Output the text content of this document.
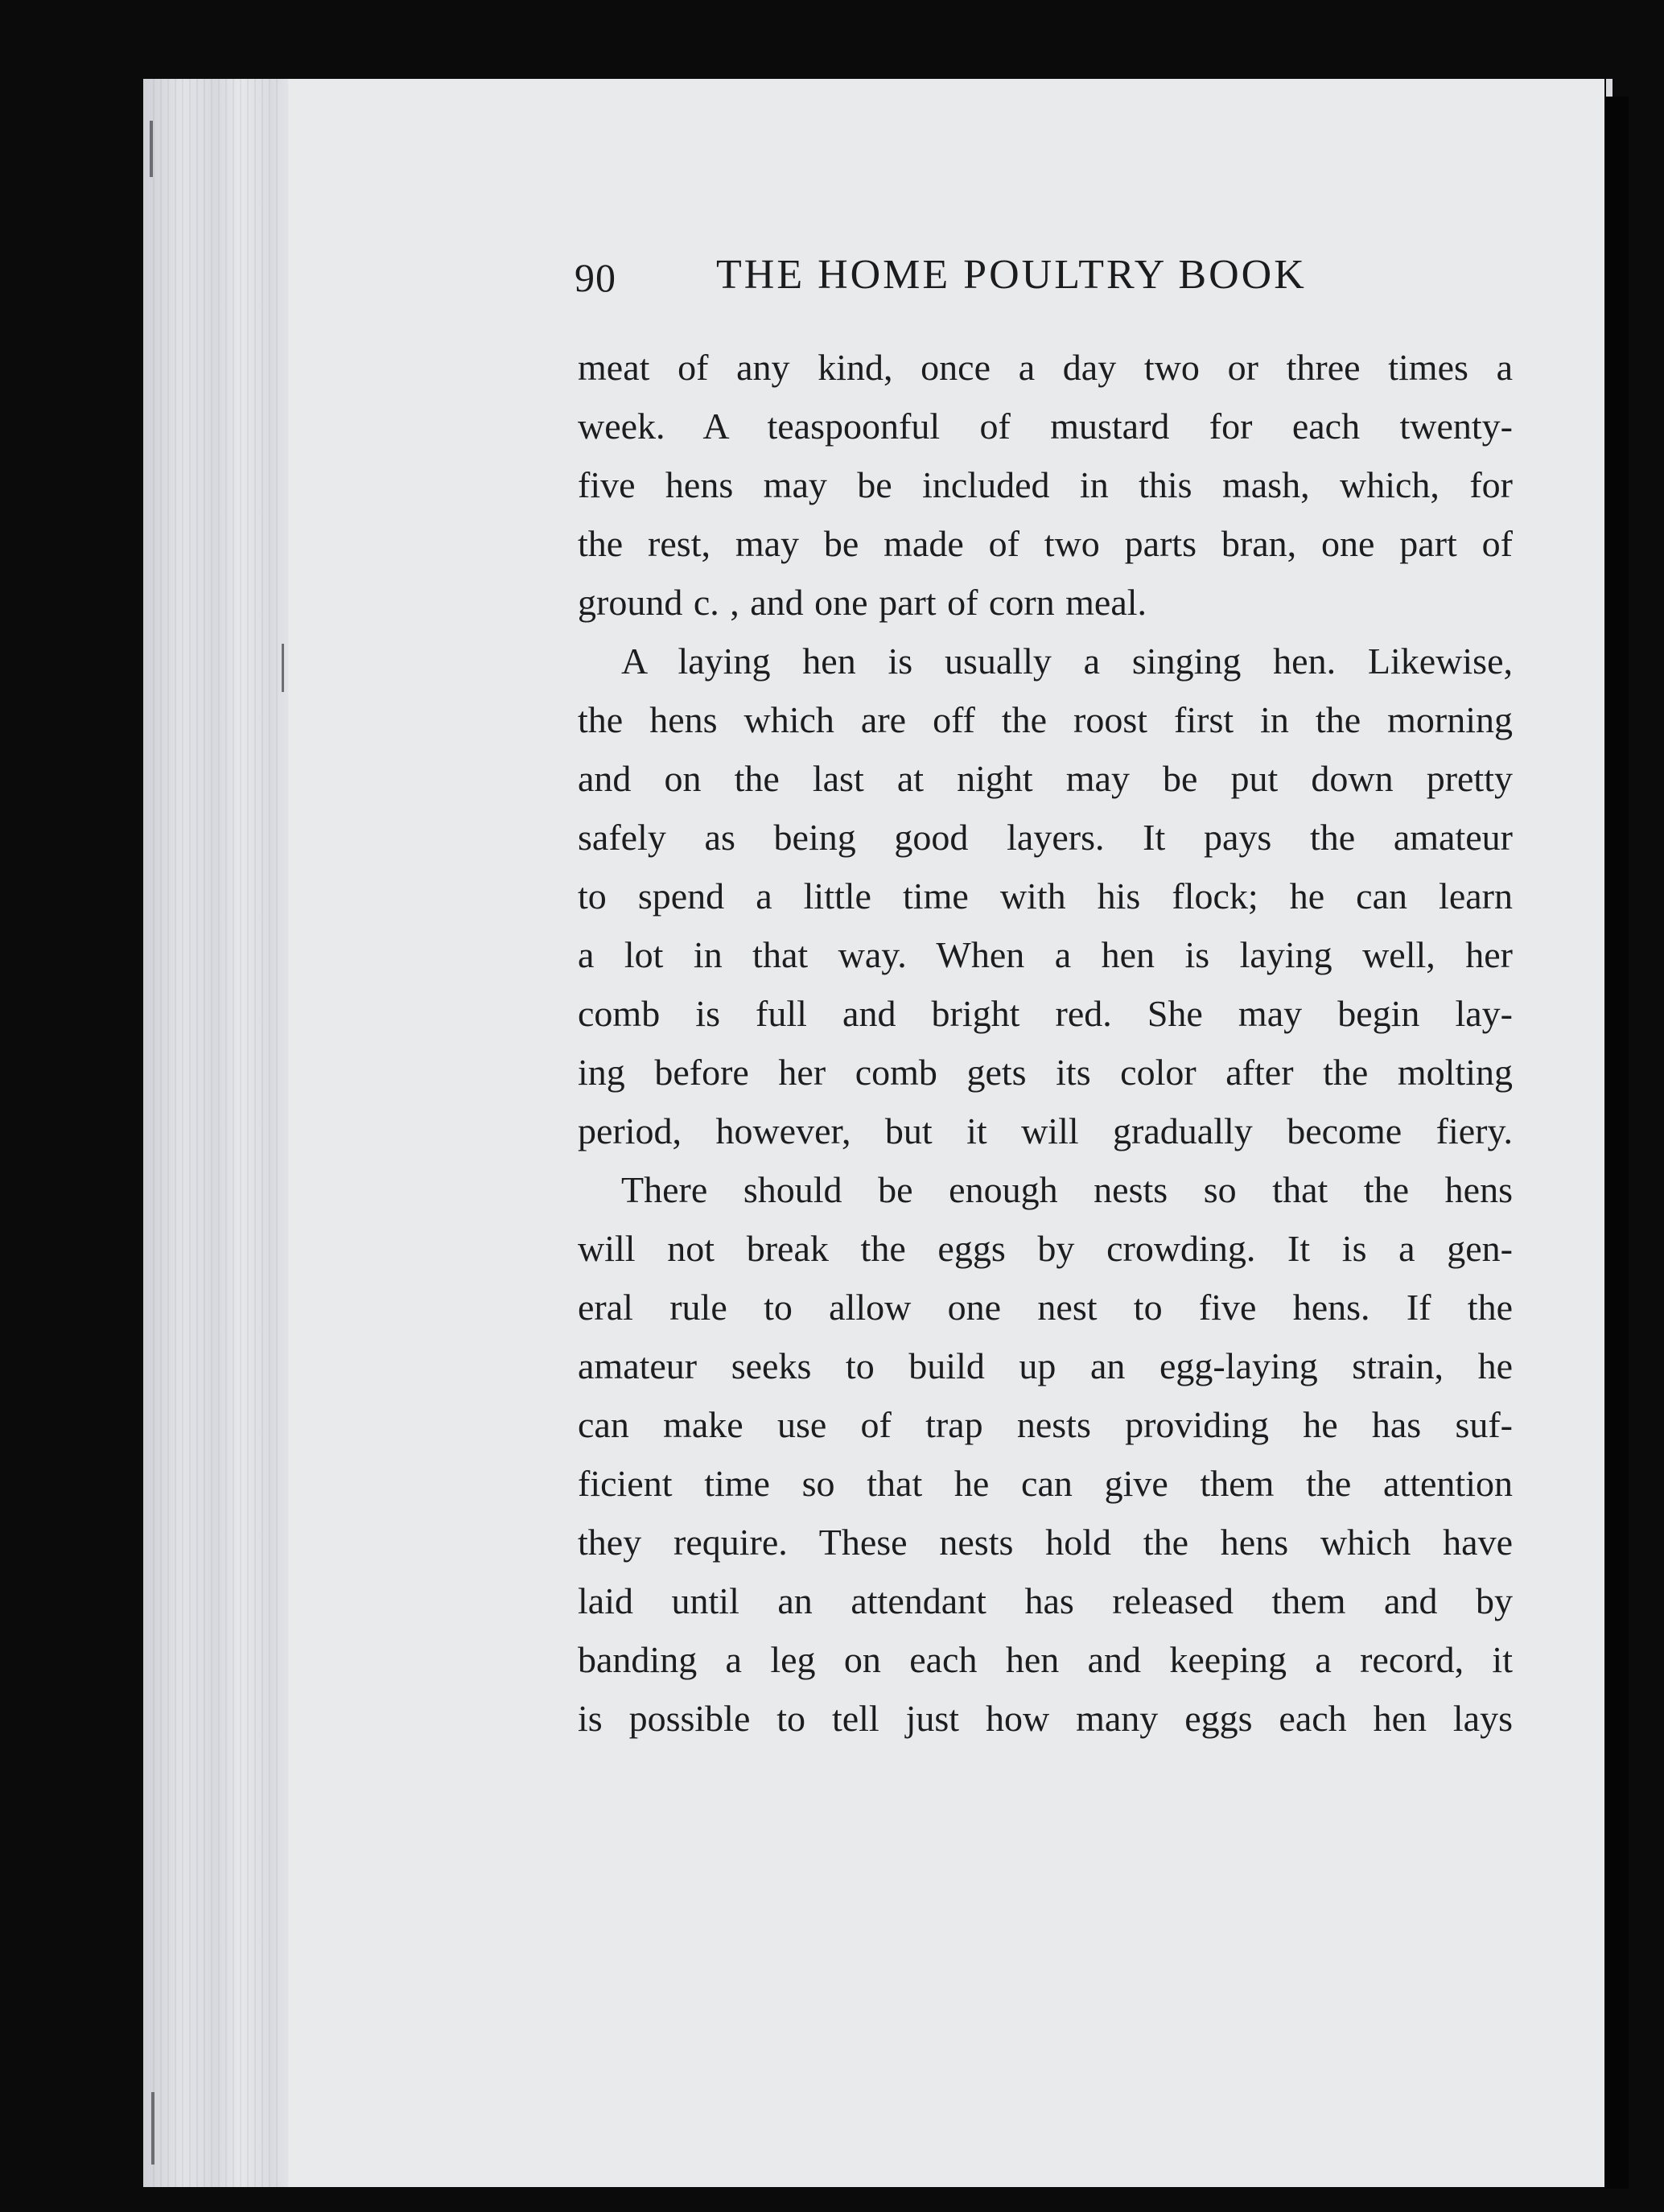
90 THE HOME POULTRY BOOK
meat of any kind, once a day two or three times a
week. A teaspoonful of mustard for each twenty-
five hens may be included in this mash, which, for
the rest, may be made of two parts bran, one part of
ground c. , and one part of corn meal.
A laying hen is usually a singing hen. Likewise,
the hens which are off the roost first in the morning
and on the last at night may be put down pretty
safely as being good layers. It pays the amateur
to spend a little time with his flock; he can learn
a lot in that way. When a hen is laying well, her
comb is full and bright red. She may begin lay-
ing before her comb gets its color after the molting
period, however, but it will gradually become fiery.
There should be enough nests so that the hens
will not break the eggs by crowding. It is a gen-
eral rule to allow one nest to five hens. If the
amateur seeks to build up an egg-laying strain, he
can make use of trap nests providing he has suf-
ficient time so that he can give them the attention
they require. These nests hold the hens which have
laid until an attendant has released them and by
banding a leg on each hen and keeping a record, it
is possible to tell just how many eggs each hen lays
